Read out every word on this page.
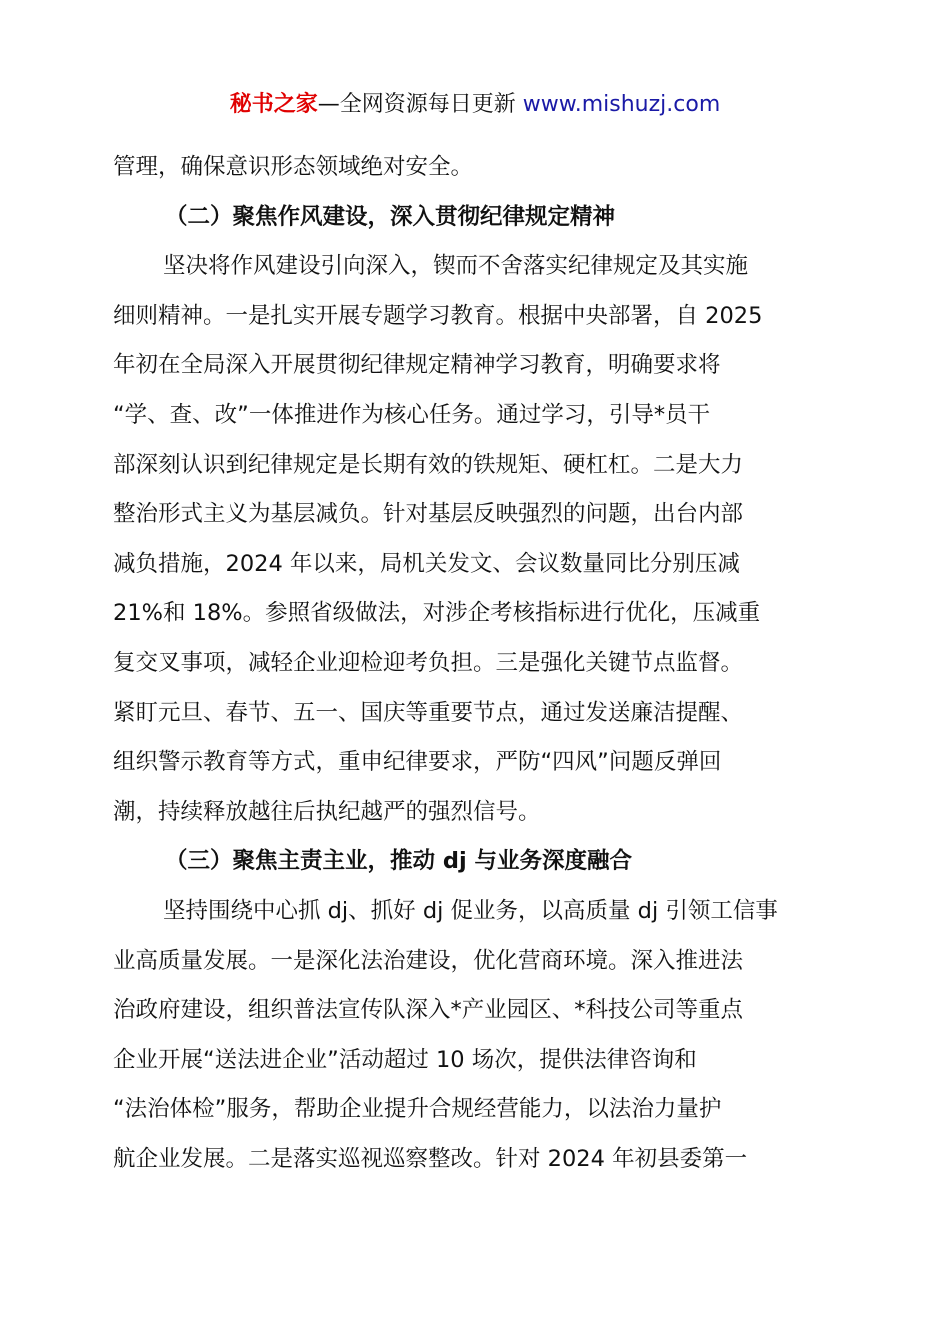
秘书之家—全网资源每日更新 www.mishuzj.com
管理，确保意识形态领域绝对安全。
（二）聚焦作风建设，深入贯彻纪律规定精神
坚决将作风建设引向深入，锲而不舍落实纪律规定及其实施
细则精神。一是扎实开展专题学习教育。根据中央部署，自 2025
年初在全局深入开展贯彻纪律规定精神学习教育，明确要求将
“学、查、改”一体推进作为核心任务。通过学习，引导*员干
部深刻认识到纪律规定是长期有效的铁规矩、硬杠杠。二是大力
整治形式主义为基层减负。针对基层反映强烈的问题，出台内部
减负措施，2024 年以来，局机关发文、会议数量同比分别压减
21%和 18%。参照省级做法，对涉企考核指标进行优化，压减重
复交叉事项，减轻企业迎检迎考负担。三是强化关键节点监督。
紧盯元旦、春节、五一、国庆等重要节点，通过发送廉洁提醒、
组织警示教育等方式，重申纪律要求，严防“四风”问题反弹回
潮，持续释放越往后执纪越严的强烈信号。
（三）聚焦主责主业，推动 dj 与业务深度融合
坚持围绕中心抓 dj、抓好 dj 促业务，以高质量 dj 引领工信事
业高质量发展。一是深化法治建设，优化营商环境。深入推进法
治政府建设，组织普法宣传队深入*产业园区、*科技公司等重点
企业开展“送法进企业”活动超过 10 场次，提供法律咨询和
“法治体检”服务，帮助企业提升合规经营能力，以法治力量护
航企业发展。二是落实巡视巡察整改。针对 2024 年初县委第一
